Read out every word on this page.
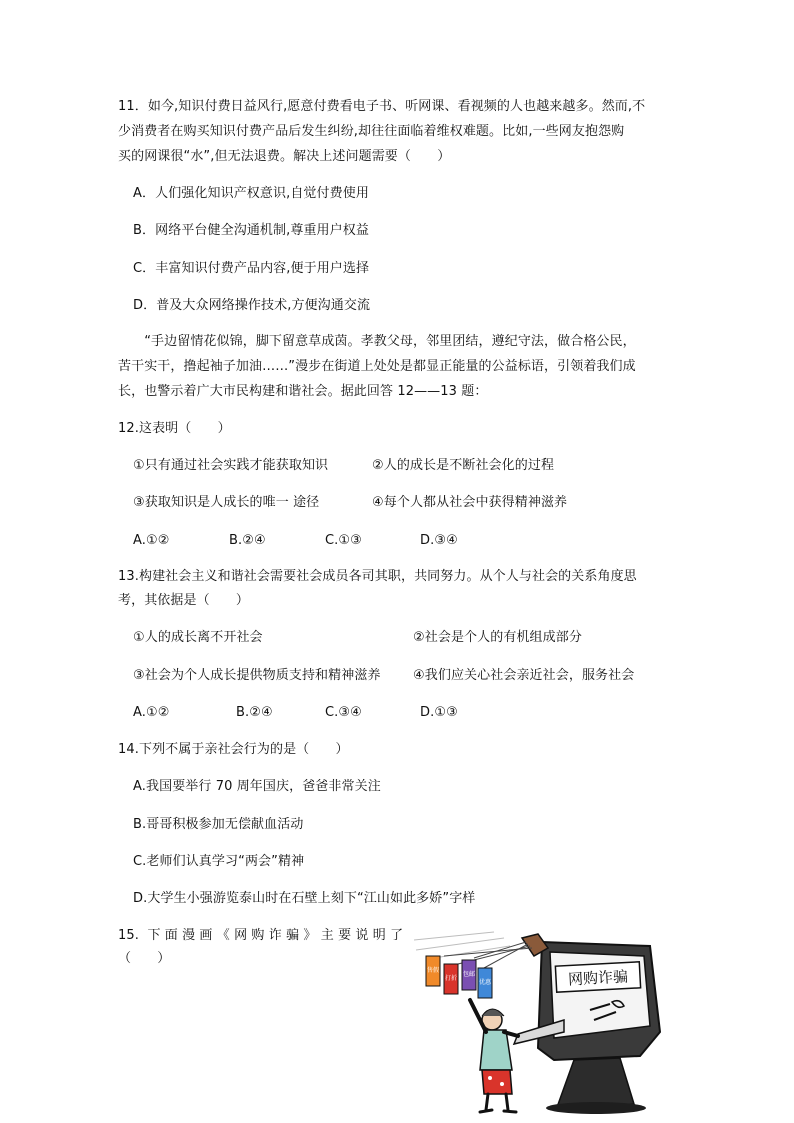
11．如今,知识付费日益风行,愿意付费看电子书、听网课、看视频的人也越来越多。然而,不
少消费者在购买知识付费产品后发生纠纷,却往往面临着维权难题。比如,一些网友抱怨购
买的网课很“水”,但无法退费。解决上述问题需要（　　）
A．人们强化知识产权意识,自觉付费使用
B．网络平台健全沟通机制,尊重用户权益
C．丰富知识付费产品内容,便于用户选择
D．普及大众网络操作技术,方便沟通交流
　　“手边留情花似锦，脚下留意草成茵。孝教父母，邻里团结，遵纪守法，做合格公民，
苦干实干，撸起袖子加油……”漫步在街道上处处是都显正能量的公益标语，引领着我们成
长，也警示着广大市民构建和谐社会。据此回答 12——13 题：
12.这表明（　　）
①只有通过社会实践才能获取知识	②人的成长是不断社会化的过程
③获取知识是人成长的唯一 途径	④每个人都从社会中获得精神滋养
A.①②	B.②④	C.①③	D.③④
13.构建社会主义和谐社会需要社会成员各司其职，共同努力。从个人与社会的关系角度思
考，其依据是（　　）
①人的成长离不开社会	②社会是个人的有机组成部分
③社会为个人成长提供物质支持和精神滋养 ④我们应关心社会亲近社会，服务社会
A.①②	B.②④	C.③④	D.①③
14.下列不属于亲社会行为的是（　　）
A.我国要举行 70 周年国庆，爸爸非常关注
B.哥哥积极参加无偿献血活动
C.老师们认真学习“两会”精神
D.大学生小强游览泰山时在石壁上刻下“江山如此多娇”字样
15.  下 面 漫 画 《 网 购 诈 骗 》 主 要 说 明 了
（　　）
网购诈骗
售假
打折
包邮
优惠
